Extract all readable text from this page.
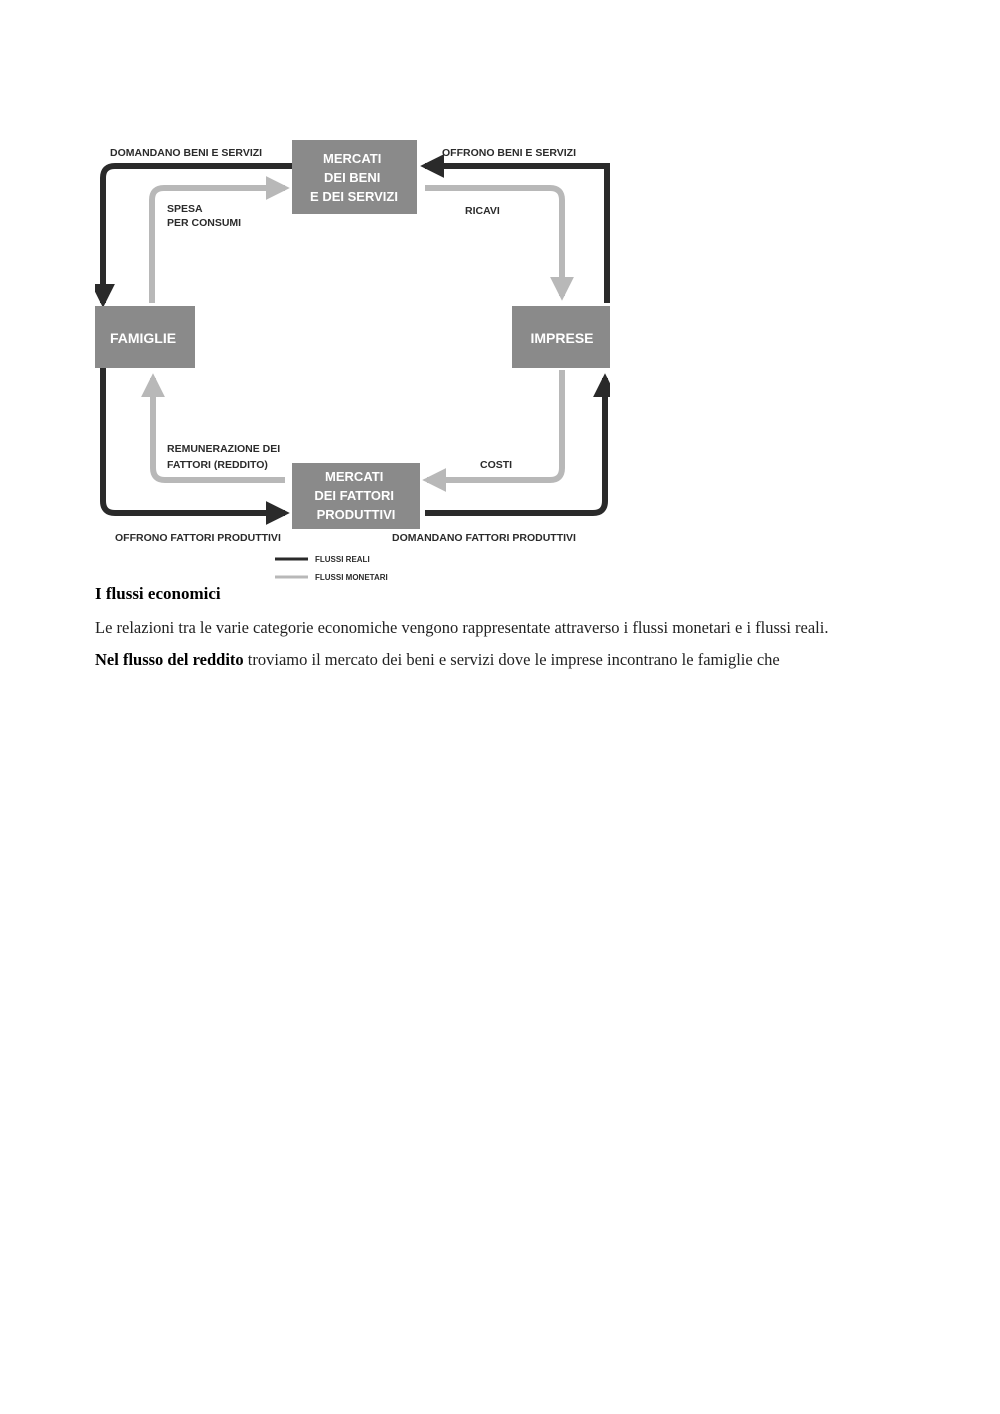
MERCATI DEI BENI E DEI SERVIZI
FAMIGLIE	IMPRESE
MERCATI DEI FATTORI PRODUTTIVI
DOMANDANO BENI E SERVIZI	OFFRONO BENI E SERVIZI
SPESA PER CONSUMI
RICAVI
REMUNERAZIONE DEI FATTORI (REDDITO)	COSTI
OFFRONO FATTORI PRODUTTIVI	DOMANDANO FATTORI PRODUTTIVI
FLUSSI REALI
FLUSSI MONETARI
I flussi economici
Le relazioni tra le varie categorie economiche vengono rappresentate attraverso i flussi monetari e i flussi reali.
Nel flusso del reddito troviamo il mercato dei beni e servizi dove le imprese incontrano le famiglie che
